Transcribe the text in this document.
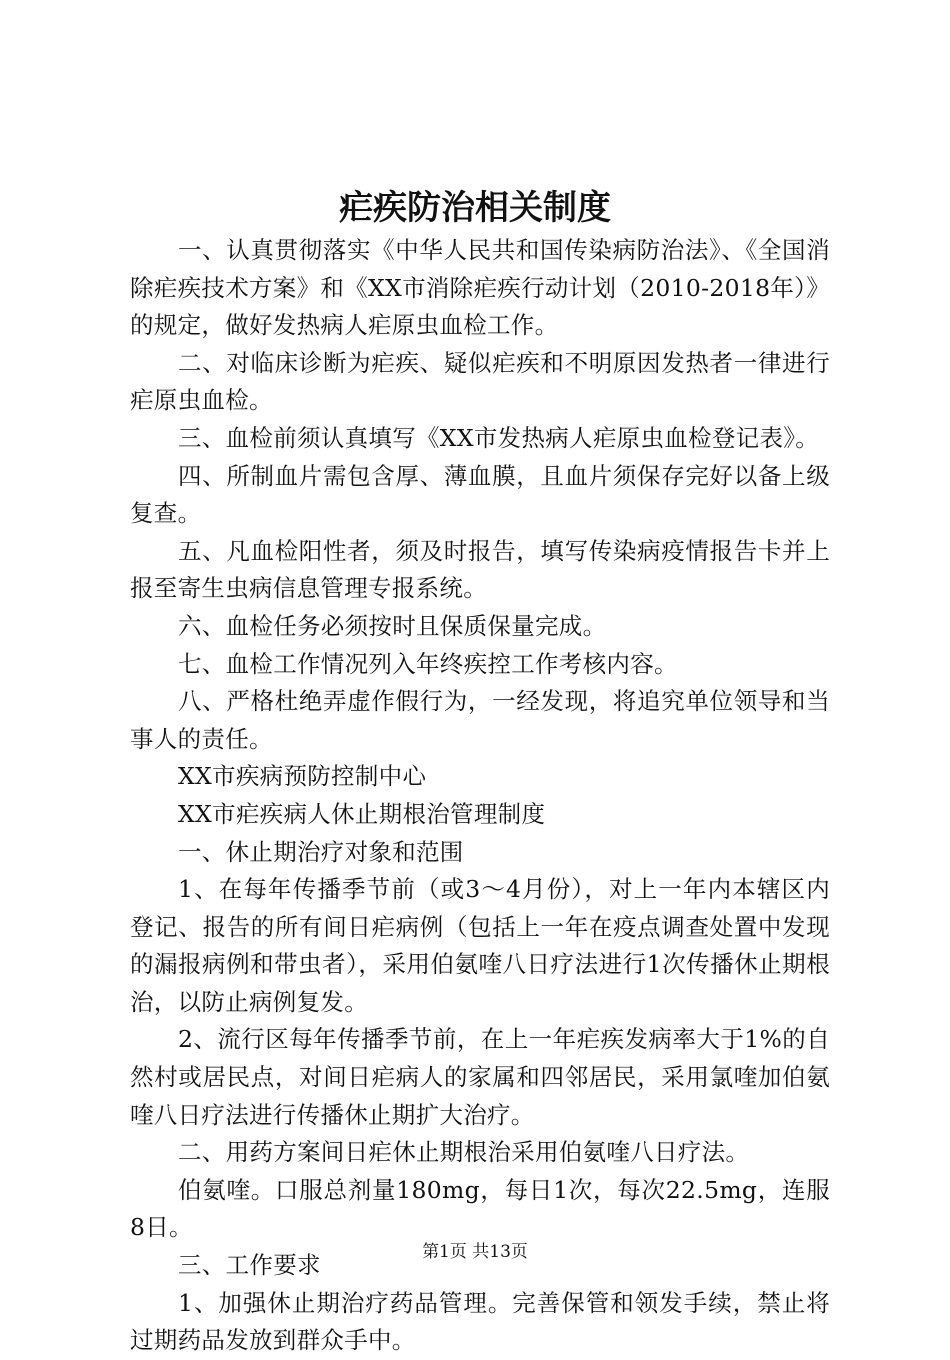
疟疾防治相关制度

一、认真贯彻落实《中华人民共和国传染病防治法》、《全国消除疟疾技术方案》和《XX市消除疟疾行动计划（2010-2018年）》的规定，做好发热病人疟原虫血检工作。

二、对临床诊断为疟疾、疑似疟疾和不明原因发热者一律进行疟原虫血检。

三、血检前须认真填写《XX市发热病人疟原虫血检登记表》。

四、所制血片需包含厚、薄血膜，且血片须保存完好以备上级复查。

五、凡血检阳性者，须及时报告，填写传染病疫情报告卡并上报至寄生虫病信息管理专报系统。

六、血检任务必须按时且保质保量完成。

七、血检工作情况列入年终疾控工作考核内容。

八、严格杜绝弄虚作假行为，一经发现，将追究单位领导和当事人的责任。

XX市疾病预防控制中心

XX市疟疾病人休止期根治管理制度

一、休止期治疗对象和范围

1、在每年传播季节前（或3～4月份），对上一年内本辖区内登记、报告的所有间日疟病例（包括上一年在疫点调查处置中发现的漏报病例和带虫者），采用伯氨喹八日疗法进行1次传播休止期根治，以防止病例复发。

2、流行区每年传播季节前，在上一年疟疾发病率大于1%的自然村或居民点，对间日疟病人的家属和四邻居民，采用氯喹加伯氨喹八日疗法进行传播休止期扩大治疗。

二、用药方案间日疟休止期根治采用伯氨喹八日疗法。

伯氨喹。口服总剂量180mg，每日1次，每次22.5mg，连服8日。

三、工作要求

1、加强休止期治疗药品管理。完善保管和领发手续，禁止将过期药品发放到群众手中。

第1页 共13页
